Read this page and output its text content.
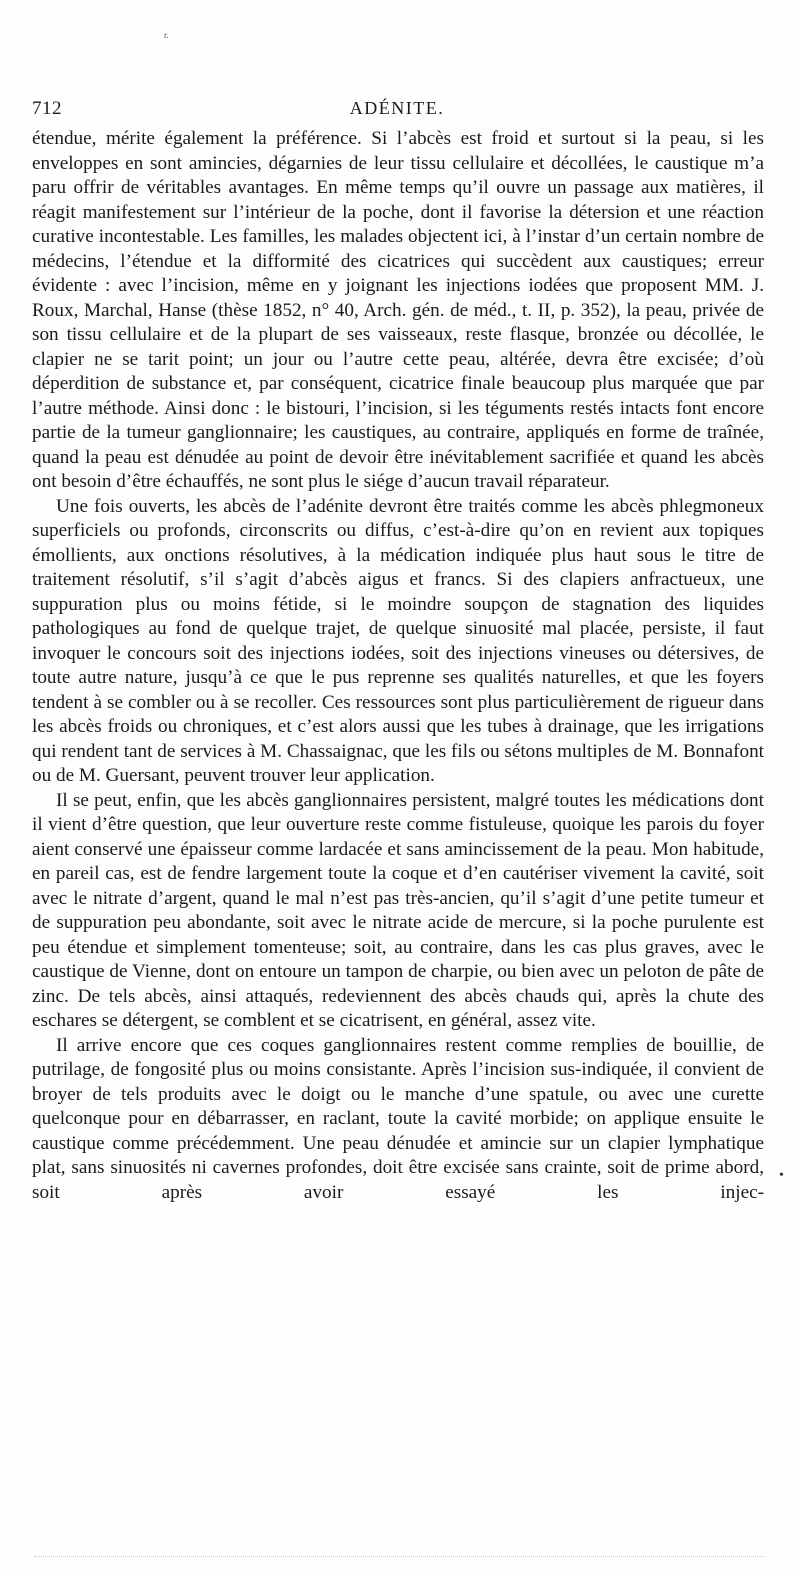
r.
712	ADÉNITE.

étendue, mérite également la préférence. Si l’abcès est froid et surtout si la peau, si les enveloppes en sont amincies, dégarnies de leur tissu cellulaire et décollées, le caustique m’a paru offrir de véritables avantages. En même temps qu’il ouvre un passage aux matières, il réagit manifestement sur l’intérieur de la poche, dont il favorise la détersion et une réaction curative incontestable. Les familles, les malades objectent ici, à l’instar d’un certain nombre de médecins, l’étendue et la difformité des cicatrices qui succèdent aux caustiques; erreur évidente : avec l’incision, même en y joignant les injections iodées que proposent MM. J. Roux, Marchal, Hanse (thèse 1852, n° 40, Arch. gén. de méd., t. II, p. 352), la peau, privée de son tissu cellulaire et de la plupart de ses vaisseaux, reste flasque, bronzée ou décollée, le clapier ne se tarit point; un jour ou l’autre cette peau, altérée, devra être excisée; d’où déperdition de substance et, par conséquent, cicatrice finale beaucoup plus marquée que par l’autre méthode. Ainsi donc : le bistouri, l’incision, si les téguments restés intacts font encore partie de la tumeur ganglionnaire; les caustiques, au contraire, appliqués en forme de traînée, quand la peau est dénudée au point de devoir être inévitablement sacrifiée et quand les abcès ont besoin d’être échauffés, ne sont plus le siége d’aucun travail réparateur.

Une fois ouverts, les abcès de l’adénite devront être traités comme les abcès phlegmoneux superficiels ou profonds, circonscrits ou diffus, c’est-à-dire qu’on en revient aux topiques émollients, aux onctions résolutives, à la médication indiquée plus haut sous le titre de traitement résolutif, s’il s’agit d’abcès aigus et francs. Si des clapiers anfractueux, une suppuration plus ou moins fétide, si le moindre soupçon de stagnation des liquides pathologiques au fond de quelque trajet, de quelque sinuosité mal placée, persiste, il faut invoquer le concours soit des injections iodées, soit des injections vineuses ou détersives, de toute autre nature, jusqu’à ce que le pus reprenne ses qualités naturelles, et que les foyers tendent à se combler ou à se recoller. Ces ressources sont plus particulièrement de rigueur dans les abcès froids ou chroniques, et c’est alors aussi que les tubes à drainage, que les irrigations qui rendent tant de services à M. Chassaignac, que les fils ou sétons multiples de M. Bonnafont ou de M. Guersant, peuvent trouver leur application.

Il se peut, enfin, que les abcès ganglionnaires persistent, malgré toutes les médications dont il vient d’être question, que leur ouverture reste comme fistuleuse, quoique les parois du foyer aient conservé une épaisseur comme lardacée et sans amincissement de la peau. Mon habitude, en pareil cas, est de fendre largement toute la coque et d’en cautériser vivement la cavité, soit avec le nitrate d’argent, quand le mal n’est pas très-ancien, qu’il s’agit d’une petite tumeur et de suppuration peu abondante, soit avec le nitrate acide de mercure, si la poche purulente est peu étendue et simplement tomenteuse; soit, au contraire, dans les cas plus graves, avec le caustique de Vienne, dont on entoure un tampon de charpie, ou bien avec un peloton de pâte de zinc. De tels abcès, ainsi attaqués, redeviennent des abcès chauds qui, après la chute des eschares se détergent, se comblent et se cicatrisent, en général, assez vite.

Il arrive encore que ces coques ganglionnaires restent comme remplies de bouillie, de putrilage, de fongosité plus ou moins consistante. Après l’incision sus-indiquée, il convient de broyer de tels produits avec le doigt ou le manche d’une spatule, ou avec une curette quelconque pour en débarrasser, en raclant, toute la cavité morbide; on applique ensuite le caustique comme précédemment. Une peau dénudée et amincie sur un clapier lymphatique plat, sans sinuosités ni cavernes profondes, doit être excisée sans crainte, soit de prime abord, soit après avoir essayé les injec-

•
